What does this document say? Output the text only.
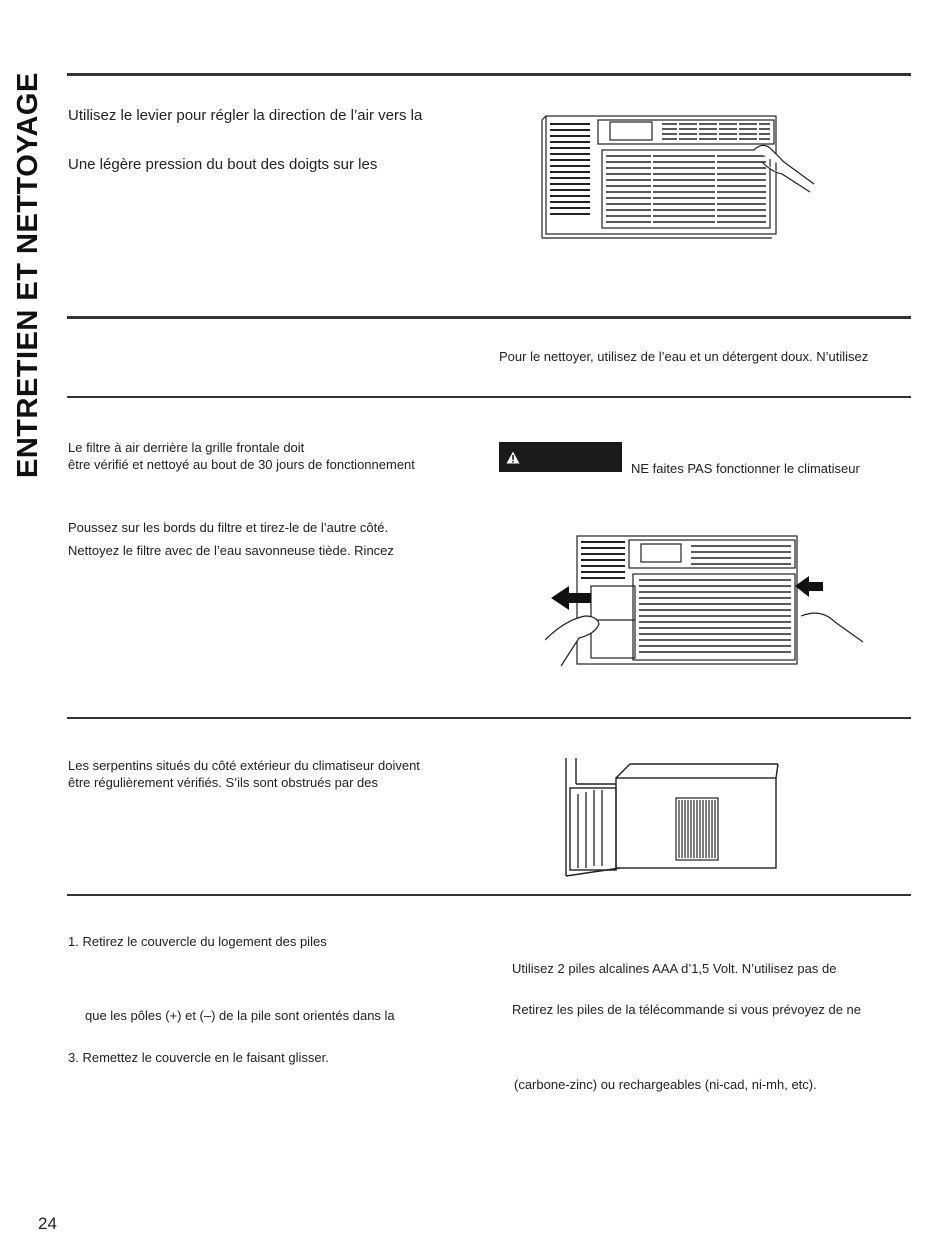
ENTRETIEN ET NETTOYAGE Utilisez le levier pour régler la direction de l’air vers la
Une légère pression du bout des doigts sur les
Pour le nettoyer, utilisez de l’eau et un détergent doux. N’utilisez
Le filtre à air derrière la grille frontale doit
être vérifié et nettoyé au bout de 30 jours de fonctionnement
Poussez sur les bords du filtre et tirez-le de l’autre côté.
Nettoyez le filtre avec de l’eau savonneuse tiède. Rincez
NE faites PAS fonctionner le climatiseur
Les serpentins situés du côté extérieur du climatiseur doivent
être régulièrement vérifiés. S’ils sont obstrués par des
1. Retirez le couvercle du logement des piles
que les pôles (+) et (–) de la pile sont orientés dans la
3. Remettez le couvercle en le faisant glisser.
Utilisez 2 piles alcalines AAA d’1,5 Volt. N’utilisez pas de
Retirez les piles de la télécommande si vous prévoyez de ne
(carbone-zinc) ou rechargeables (ni-cad, ni-mh, etc).
24
